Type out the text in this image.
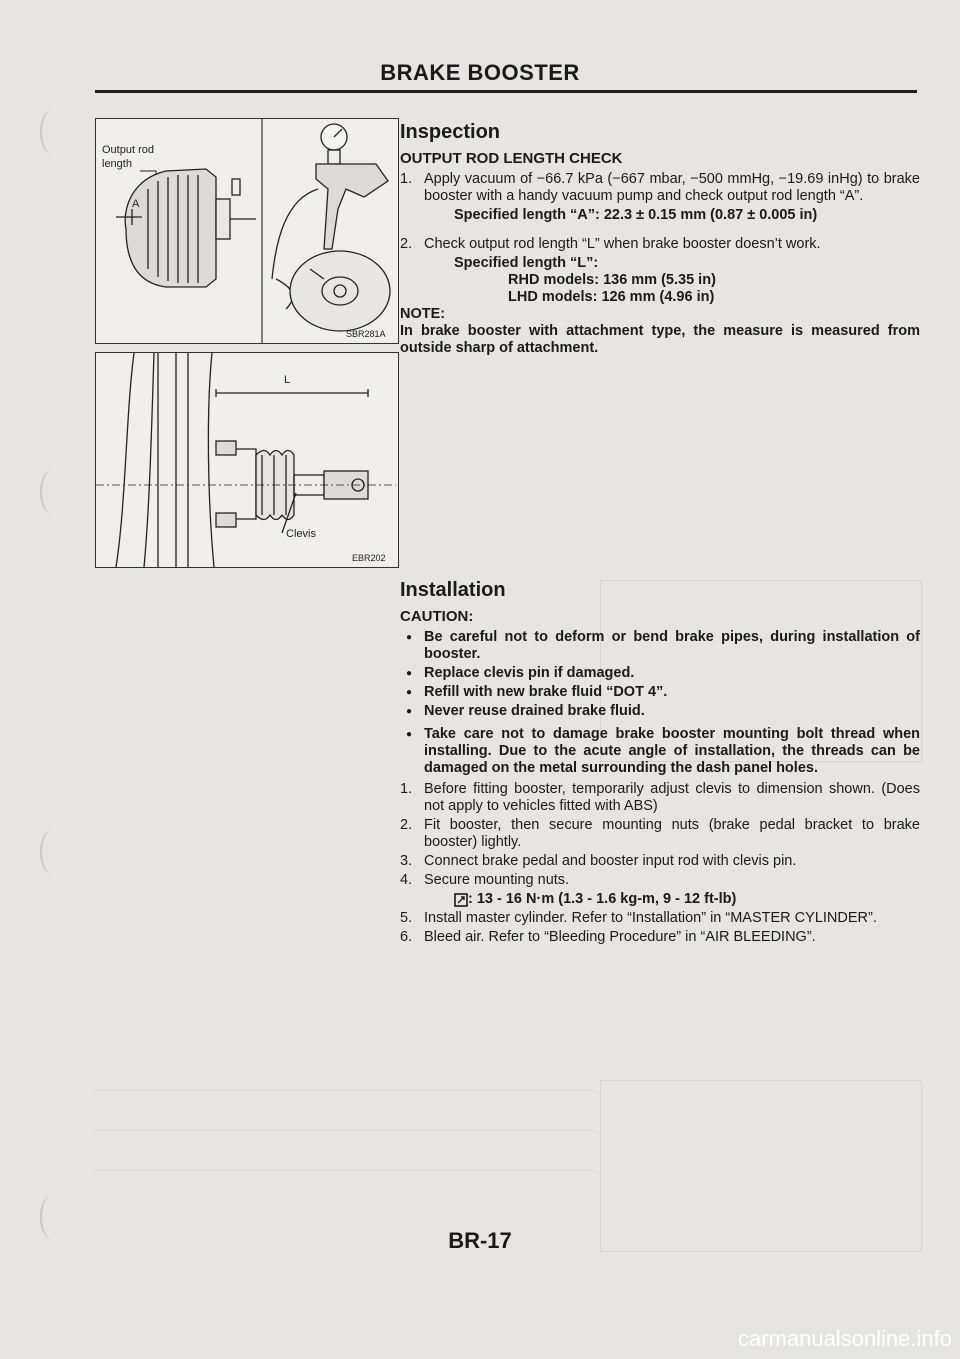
BRAKE BOOSTER
Output rod
length
A
SBR281A
L
Clevis
EBR202
Inspection
OUTPUT ROD LENGTH CHECK
1. Apply vacuum of −66.7 kPa (−667 mbar, −500 mmHg, −19.69 inHg) to brake booster with a handy vacuum pump and check output rod length “A”.
Specified length “A”: 22.3 ± 0.15 mm (0.87 ± 0.005 in)
2. Check output rod length “L” when brake booster doesn’t work.
Specified length “L”:
RHD models: 136 mm (5.35 in)
LHD models: 126 mm (4.96 in)
NOTE:
In brake booster with attachment type, the measure is measured from outside sharp of attachment.
Installation
CAUTION:
● Be careful not to deform or bend brake pipes, during installation of booster.
● Replace clevis pin if damaged.
● Refill with new brake fluid “DOT 4”.
● Never reuse drained brake fluid.
● Take care not to damage brake booster mounting bolt thread when installing. Due to the acute angle of installation, the threads can be damaged on the metal surrounding the dash panel holes.
1. Before fitting booster, temporarily adjust clevis to dimension shown. (Does not apply to vehicles fitted with ABS)
2. Fit booster, then secure mounting nuts (brake pedal bracket to brake booster) lightly.
3. Connect brake pedal and booster input rod with clevis pin.
4. Secure mounting nuts.
: 13 - 16 N·m (1.3 - 1.6 kg-m, 9 - 12 ft-lb)
5. Install master cylinder. Refer to “Installation” in “MASTER CYLINDER”.
6. Bleed air. Refer to “Bleeding Procedure” in “AIR BLEEDING”.
BR-17
carmanualsonline.info
